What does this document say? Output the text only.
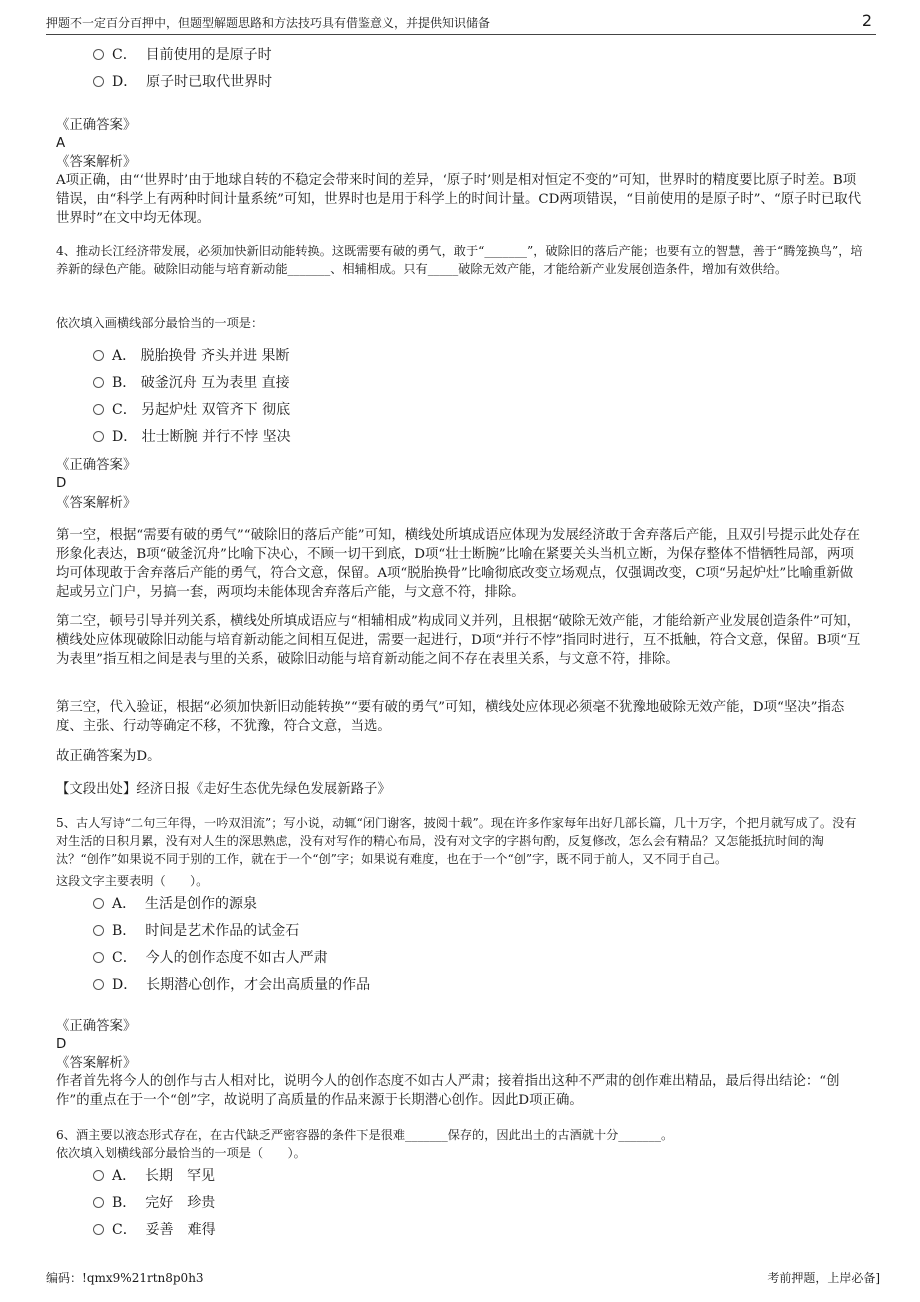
押题不一定百分百押中，但题型解题思路和方法技巧具有借鉴意义，并提供知识储备	2
C． 目前使用的是原子时
D． 原子时已取代世界时
《正确答案》
A
《答案解析》
A项正确，由“‘世界时’由于地球自转的不稳定会带来时间的差异，‘原子时’则是相对恒定不变的”可知，世界时的精度要比原子时差。B项错误，由“科学上有两种时间计量系统”可知，世界时也是用于科学上的时间计量。CD两项错误，“目前使用的是原子时”、“原子时已取代世界时”在文中均无体现。
4、推动长江经济带发展，必须加快新旧动能转换。这既需要有破的勇气，敢于“_______”，破除旧的落后产能；也要有立的智慧，善于“腾笼换鸟”，培养新的绿色产能。破除旧动能与培育新动能_______、相辅相成。只有_____破除无效产能，才能给新产业发展创造条件，增加有效供给。
依次填入画横线部分最恰当的一项是：
A． 脱胎换骨 齐头并进 果断
B． 破釜沉舟 互为表里 直接
C． 另起炉灶 双管齐下 彻底
D． 壮士断腕 并行不悖 坚决
《正确答案》
D
《答案解析》
第一空，根据“需要有破的勇气”“破除旧的落后产能”可知，横线处所填成语应体现为发展经济敢于舍弃落后产能，且双引号提示此处存在形象化表达，B项“破釜沉舟”比喻下决心，不顾一切干到底，D项“壮士断腕”比喻在紧要关头当机立断，为保存整体不惜牺牲局部，两项均可体现敢于舍弃落后产能的勇气，符合文意，保留。A项“脱胎换骨”比喻彻底改变立场观点，仅强调改变，C项“另起炉灶”比喻重新做起或另立门户，另搞一套，两项均未能体现舍弃落后产能，与文意不符，排除。
第二空，顿号引导并列关系，横线处所填成语应与“相辅相成”构成同义并列，且根据“破除无效产能，才能给新产业发展创造条件”可知，横线处应体现破除旧动能与培育新动能之间相互促进，需要一起进行，D项“并行不悖”指同时进行，互不抵触，符合文意，保留。B项“互为表里”指互相之间是表与里的关系，破除旧动能与培育新动能之间不存在表里关系，与文意不符，排除。
第三空，代入验证，根据“必须加快新旧动能转换”“要有破的勇气”可知，横线处应体现必须毫不犹豫地破除无效产能，D项“坚决”指态度、主张、行动等确定不移，不犹豫，符合文意，当选。
故正确答案为D。
【文段出处】经济日报《走好生态优先绿色发展新路子》
5、古人写诗“二句三年得，一吟双泪流”；写小说，动辄“闭门谢客，披阅十载”。现在许多作家每年出好几部长篇，几十万字，个把月就写成了。没有对生活的日积月累，没有对人生的深思熟虑，没有对写作的精心布局，没有对文字的字斟句酌，反复修改，怎么会有精品？又怎能抵抗时间的淘汰？“创作”如果说不同于别的工作，就在于一个“创”字；如果说有难度，也在于一个“创”字，既不同于前人，又不同于自己。
这段文字主要表明（　　）。
A． 生活是创作的源泉
B． 时间是艺术作品的试金石
C． 今人的创作态度不如古人严肃
D． 长期潜心创作，才会出高质量的作品
《正确答案》
D
《答案解析》
作者首先将今人的创作与古人相对比，说明今人的创作态度不如古人严肃；接着指出这种不严肃的创作难出精品，最后得出结论：“创作”的重点在于一个“创”字，故说明了高质量的作品来源于长期潜心创作。因此D项正确。
6、酒主要以液态形式存在，在古代缺乏严密容器的条件下是很难_______保存的，因此出土的古酒就十分_______。
依次填入划横线部分最恰当的一项是（　　）。
A． 长期　罕见
B． 完好　珍贵
C． 妥善　难得
编码：!qmx9%21rtn8p0h3	考前押题，上岸必备]
